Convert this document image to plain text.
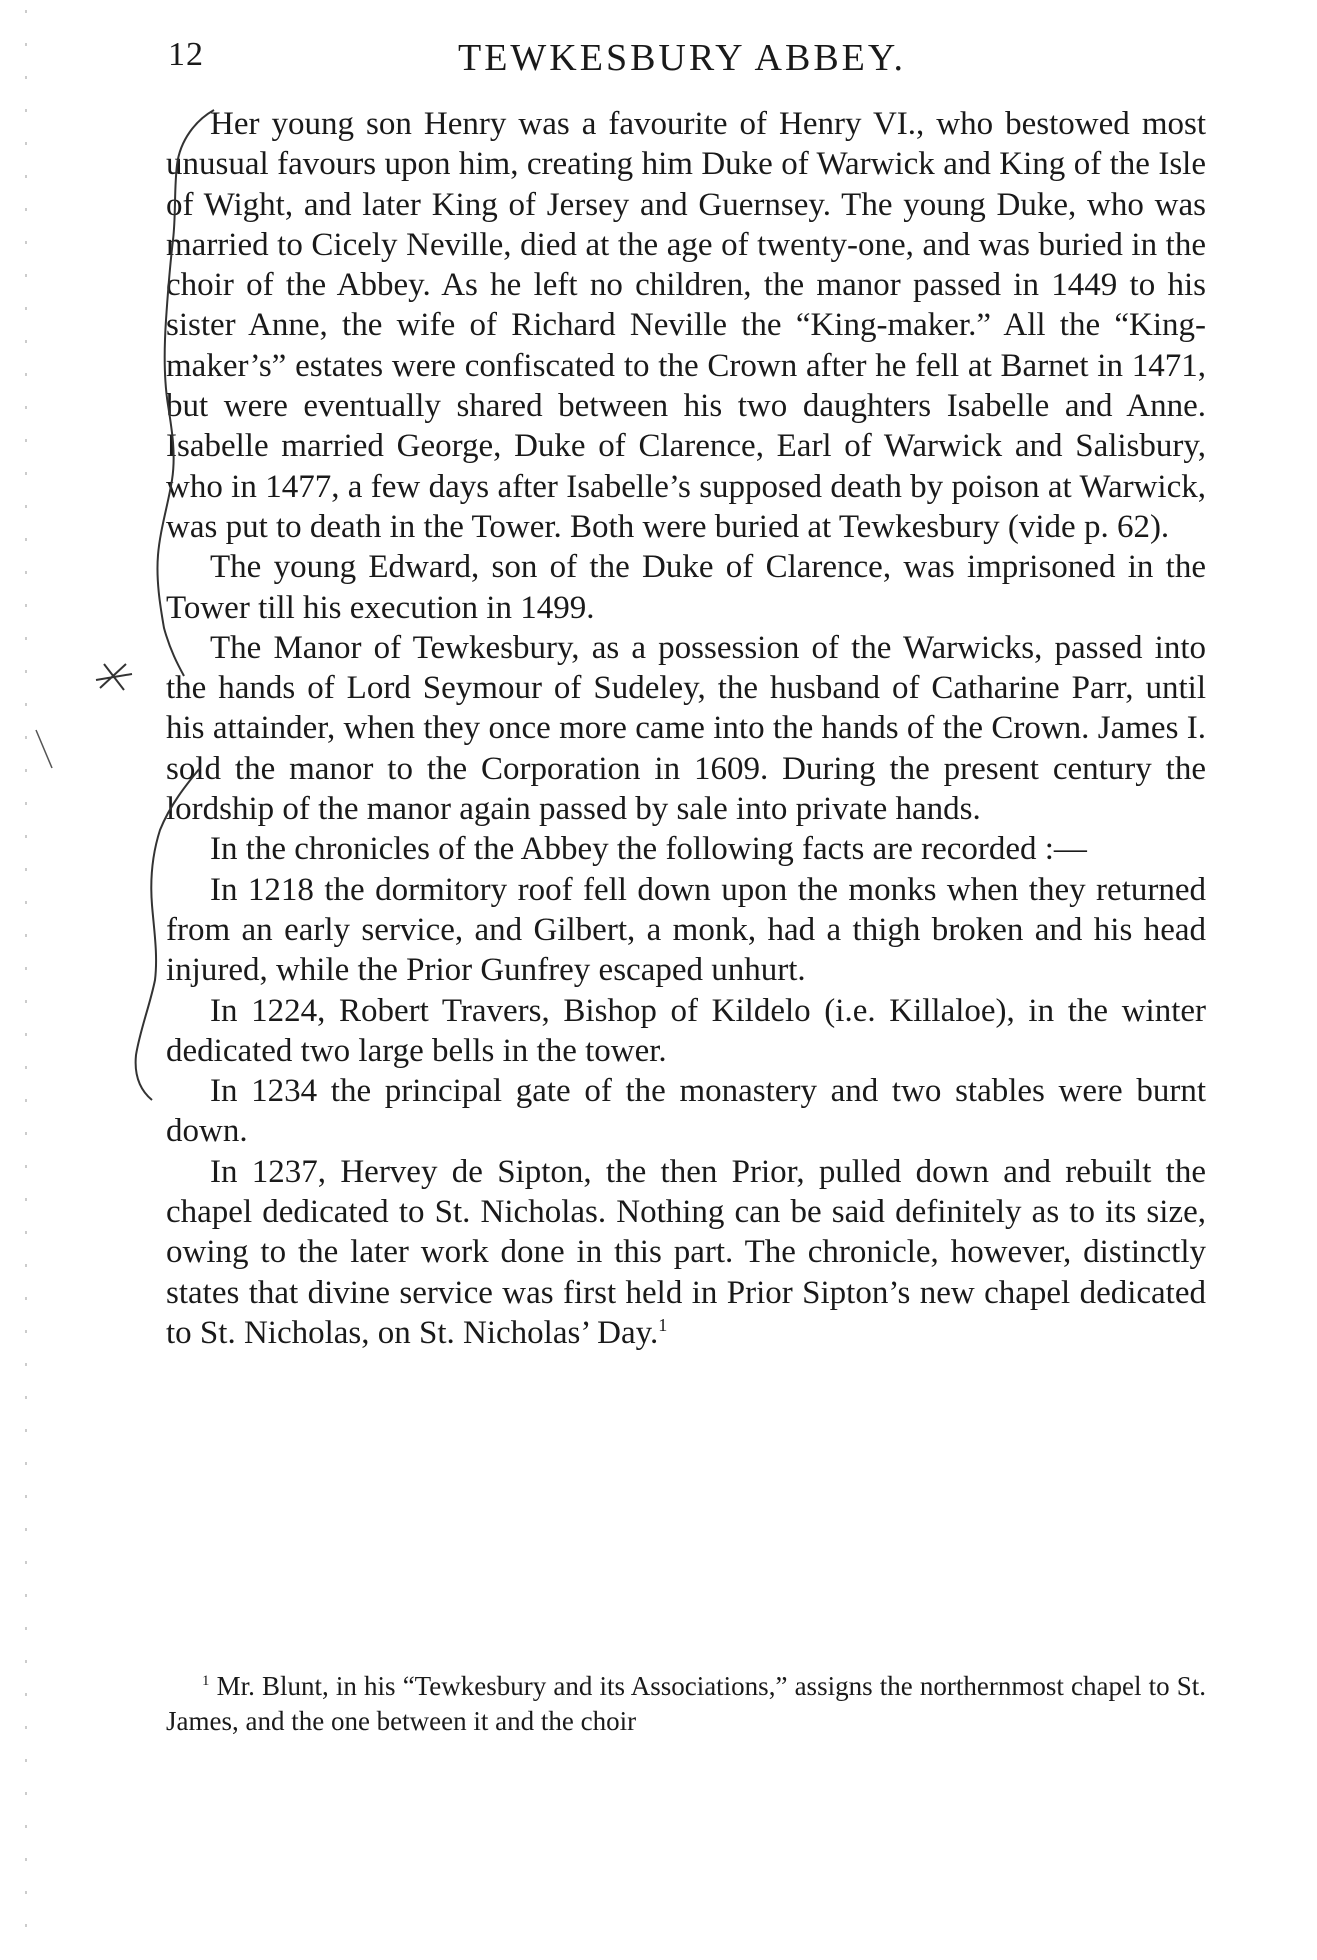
12	TEWKESBURY ABBEY.

Her young son Henry was a favourite of Henry VI., who bestowed most unusual favours upon him, creating him Duke of Warwick and King of the Isle of Wight, and later King of Jersey and Guernsey. The young Duke, who was married to Cicely Neville, died at the age of twenty-one, and was buried in the choir of the Abbey. As he left no children, the manor passed in 1449 to his sister Anne, the wife of Richard Neville the “King-maker.” All the “King-maker’s” estates were confiscated to the Crown after he fell at Barnet in 1471, but were eventually shared between his two daughters Isabelle and Anne. Isabelle married George, Duke of Clarence, Earl of Warwick and Salisbury, who in 1477, a few days after Isabelle’s supposed death by poison at Warwick, was put to death in the Tower. Both were buried at Tewkesbury (vide p. 62).

The young Edward, son of the Duke of Clarence, was imprisoned in the Tower till his execution in 1499.

The Manor of Tewkesbury, as a possession of the Warwicks, passed into the hands of Lord Seymour of Sudeley, the husband of Catharine Parr, until his attainder, when they once more came into the hands of the Crown. James I. sold the manor to the Corporation in 1609. During the present century the lordship of the manor again passed by sale into private hands.

In the chronicles of the Abbey the following facts are recorded :—

In 1218 the dormitory roof fell down upon the monks when they returned from an early service, and Gilbert, a monk, had a thigh broken and his head injured, while the Prior Gunfrey escaped unhurt.

In 1224, Robert Travers, Bishop of Kildelo (i.e. Killaloe), in the winter dedicated two large bells in the tower.

In 1234 the principal gate of the monastery and two stables were burnt down.

In 1237, Hervey de Sipton, the then Prior, pulled down and rebuilt the chapel dedicated to St. Nicholas. Nothing can be said definitely as to its size, owing to the later work done in this part. The chronicle, however, distinctly states that divine service was first held in Prior Sipton’s new chapel dedicated to St. Nicholas, on St. Nicholas’ Day.$^1$

$^1$ Mr. Blunt, in his “Tewkesbury and its Associations,” assigns the northernmost chapel to St. James, and the one between it and the choir
